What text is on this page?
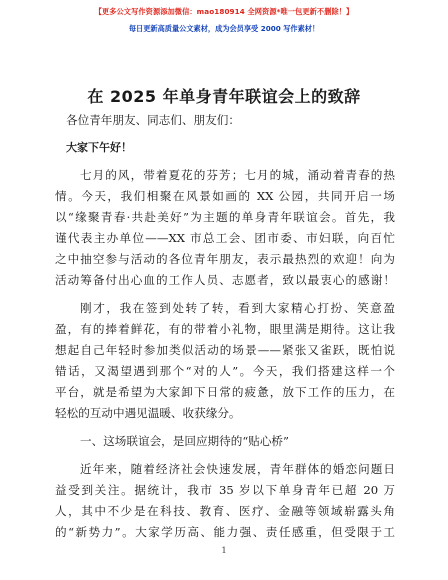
【更多公文写作资源添加微信：mao180914 全网资源*唯一包更新不删除！】
每日更新高质量公文素材，成为会员享受 2000 写作素材！
在 2025 年单身青年联谊会上的致辞
各位青年朋友、同志们、朋友们：
大家下午好！
七月的风，带着夏花的芬芳；七月的城，涌动着青春的热
情。今天，我们相聚在风景如画的 XX 公园，共同开启一场
以“缘聚青春·共赴美好”为主题的单身青年联谊会。首先，我
谨代表主办单位——XX 市总工会、团市委、市妇联，向百忙
之中抽空参与活动的各位青年朋友，表示最热烈的欢迎！向为
活动筹备付出心血的工作人员、志愿者，致以最衷心的感谢！
刚才，我在签到处转了转，看到大家精心打扮、笑意盈
盈，有的捧着鲜花，有的带着小礼物，眼里满是期待。这让我
想起自己年轻时参加类似活动的场景——紧张又雀跃，既怕说
错话，又渴望遇到那个“对的人”。今天，我们搭建这样一个
平台，就是希望为大家卸下日常的疲惫，放下工作的压力，在
轻松的互动中遇见温暖、收获缘分。
一、这场联谊会，是回应期待的“贴心桥”
近年来，随着经济社会快速发展，青年群体的婚恋问题日
益受到关注。据统计，我市 35 岁以下单身青年已超 20 万
人，其中不少是在科技、教育、医疗、金融等领域崭露头角
的“新势力”。大家学历高、能力强、责任感重，但受限于工
1
